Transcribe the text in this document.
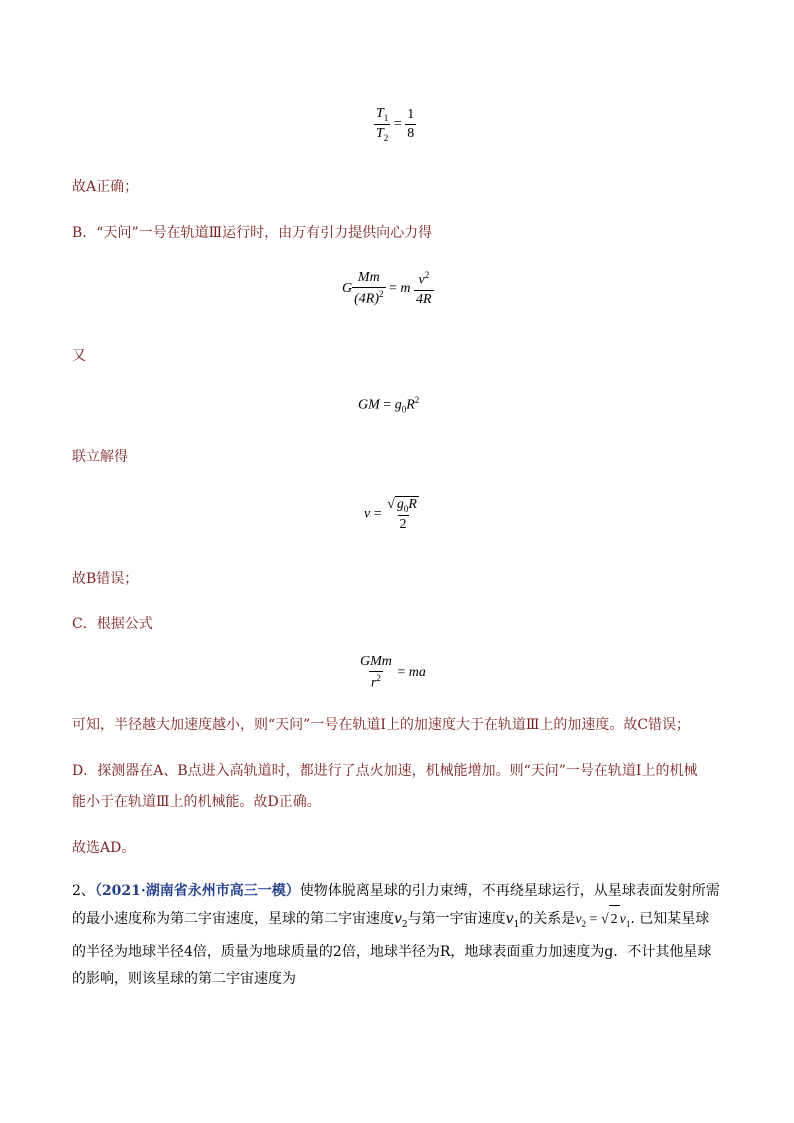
$\frac{T_1}{T_2} = \frac{1}{8}$
故A正确；
B．“天问”一号在轨道Ⅲ运行时，由万有引力提供向心力得
G $\frac{Mm}{(4R)^2} = m \frac{v^2}{4R}$
又
GM = $g_0R^2$
联立解得
$v = \frac{√ g_0R}{2}$
故B错误；
C．根据公式
$\frac{\text{GMm}}{r^2}$ = ma
可知，半径越大加速度越小，则“天问”一号在轨道Ⅰ上的加速度大于在轨道Ⅲ上的加速度。故C错误；
D．探测器在A、B点进入高轨道时，都进行了点火加速，机械能增加。则“天问”一号在轨道Ⅰ上的机械
能小于在轨道Ⅲ上的机械能。故D正确。
故选AD。
2、（2021·湖南省永州市高三一模）使物体脱离星球的引力束缚，不再绕星球运行，从星球表面发射所需
的最小速度称为第二宇宙速度，星球的第二宇宙速度$v_2$与第一宇宙速度$v_1$的关系是$v_2$ = √ 2 $v_1$. 已知某星球
的半径为地球半径4倍，质量为地球质量的2倍，地球半径为R，地球表面重力加速度为g．不计其他星球
的影响，则该星球的第二宇宙速度为
